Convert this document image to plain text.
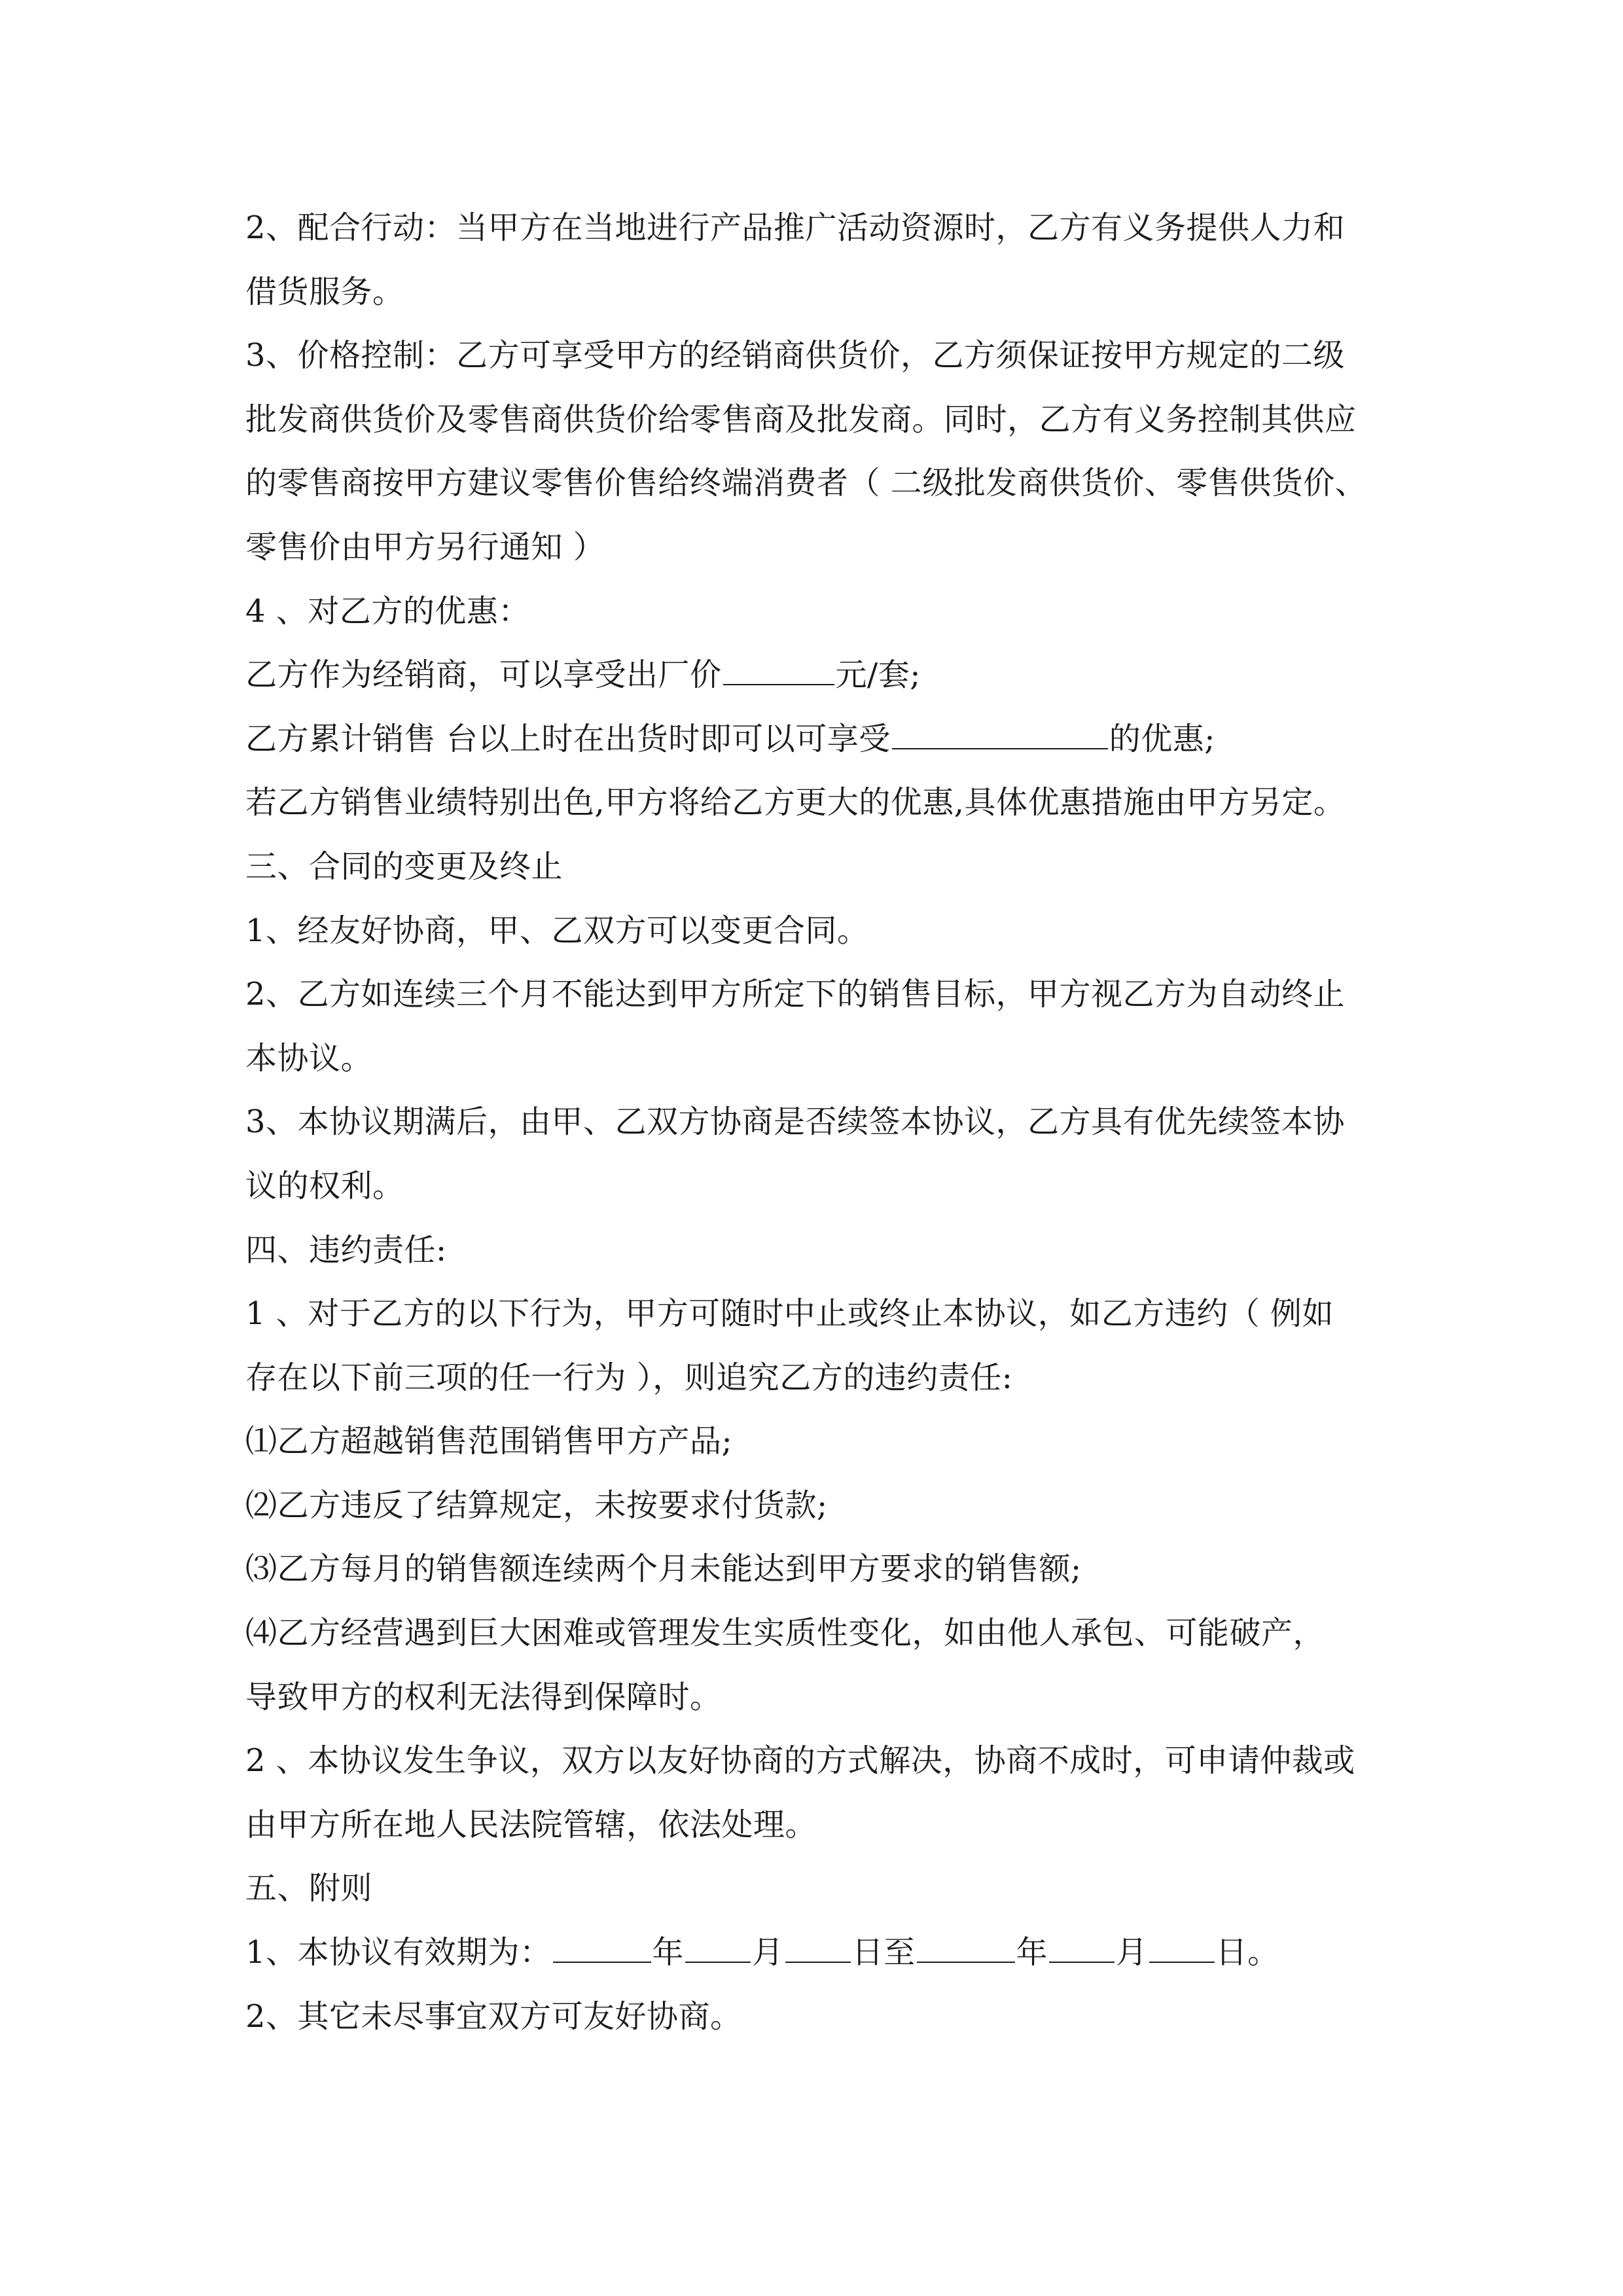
2、配合行动：当甲方在当地进行产品推广活动资源时，乙方有义务提供人力和
借货服务。
3、价格控制：乙方可享受甲方的经销商供货价，乙方须保证按甲方规定的二级
批发商供货价及零售商供货价给零售商及批发商。同时，乙方有义务控制其供应
的零售商按甲方建议零售价售给终端消费者（ 二级批发商供货价、零售供货价、
零售价由甲方另行通知 ）
4 、对乙方的优惠：
乙方作为经销商，可以享受出厂价	元/套;
乙方累计销售 台以上时在出货时即可以可享受	的优惠;
若乙方销售业绩特别出色,甲方将给乙方更大的优惠,具体优惠措施由甲方另定。
三、合同的变更及终止
1、经友好协商，甲、乙双方可以变更合同。
2、乙方如连续三个月不能达到甲方所定下的销售目标，甲方视乙方为自动终止
本协议。
3、本协议期满后，由甲、乙双方协商是否续签本协议，乙方具有优先续签本协
议的权利。
四、违约责任:
1 、对于乙方的以下行为，甲方可随时中止或终止本协议，如乙方违约（ 例如
存在以下前三项的任一行为 ），则追究乙方的违约责任:
⑴乙方超越销售范围销售甲方产品;
⑵乙方违反了结算规定，未按要求付货款;
⑶乙方每月的销售额连续两个月未能达到甲方要求的销售额;
⑷乙方经营遇到巨大困难或管理发生实质性变化，如由他人承包、可能破产，
导致甲方的权利无法得到保障时。
2 、本协议发生争议，双方以友好协商的方式解决，协商不成时，可申请仲裁或
由甲方所在地人民法院管辖，依法处理。
五、附则
1、本协议有效期为：	年 月 日至	年 月 日。
2、其它未尽事宜双方可友好协商。
